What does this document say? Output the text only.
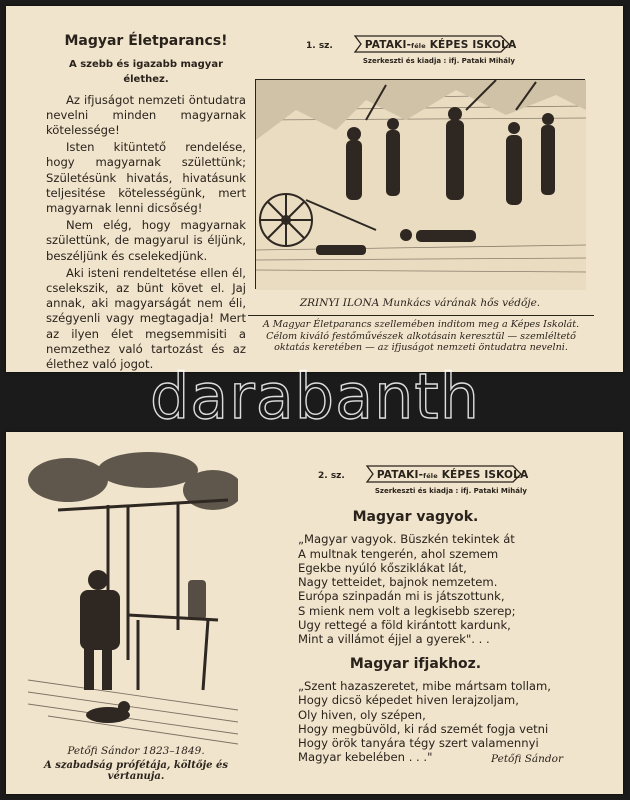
Magyar Életparancs!
A szebb és igazabb magyar élethez.

Az ifjuságot nemzeti öntudatra nevelni minden magyarnak kötelessége!

Isten kitüntető rendelése, hogy magyarnak születtünk; Születésünk hivatás, hivatásunk teljesitése kötelességünk, mert magyarnak lenni dicsőség!

Nem elég, hogy magyarnak születtünk, de magyarul is éljünk, beszéljünk és cselekedjünk.

Aki isteni rendeltetése ellen él, cselekszik, az bünt követ el. Jaj annak, aki magyarságát nem éli, szégyenli vagy megtagadja! Mert az ilyen élet megsemmisiti a nemzethez való tartozást és az élethez való jogot.

1. sz.	PATAKI-féle KÉPES ISKOLA
Szerkeszti és kiadja : ifj. Pataki Mihály
ZRINYI ILONA Munkács várának hős védője.
A Magyar Életparancs szellemében inditom meg a Képes Iskolát. Célom kiváló festőművészek alkotásain keresztül — szemléltető oktatás keretében — az ifjuságot nemzeti öntudatra nevelni.
Petőfi Sándor 1823–1849.
A szabadság prófétája, költője és vértanuja.
2. sz.	PATAKI-féle KÉPES ISKOLA
Szerkeszti és kiadja : ifj. Pataki Mihály
Magyar vagyok.
„Magyar vagyok. Büszkén tekintek át
A multnak tengerén, ahol szemem
Egekbe nyúló kősziklákat lát,
Nagy tetteidet, bajnok nemzetem.
Európa szinpadán mi is játszottunk,
S mienk nem volt a legkisebb szerep;
Ugy rettegé a föld kirántott kardunk,
Mint a villámot éjjel a gyerek". . .
Magyar ifjakhoz.
„Szent hazaszeretet, mibe mártsam tollam,
Hogy dicsö képedet hiven lerajzoljam,
Oly hiven, oly szépen,
Hogy megbüvöld, ki rád szemét fogja vetni
Hogy örök tanyára tégy szert valamennyi
Magyar kebelében . . ."	Petőfi Sándor
darabanth
